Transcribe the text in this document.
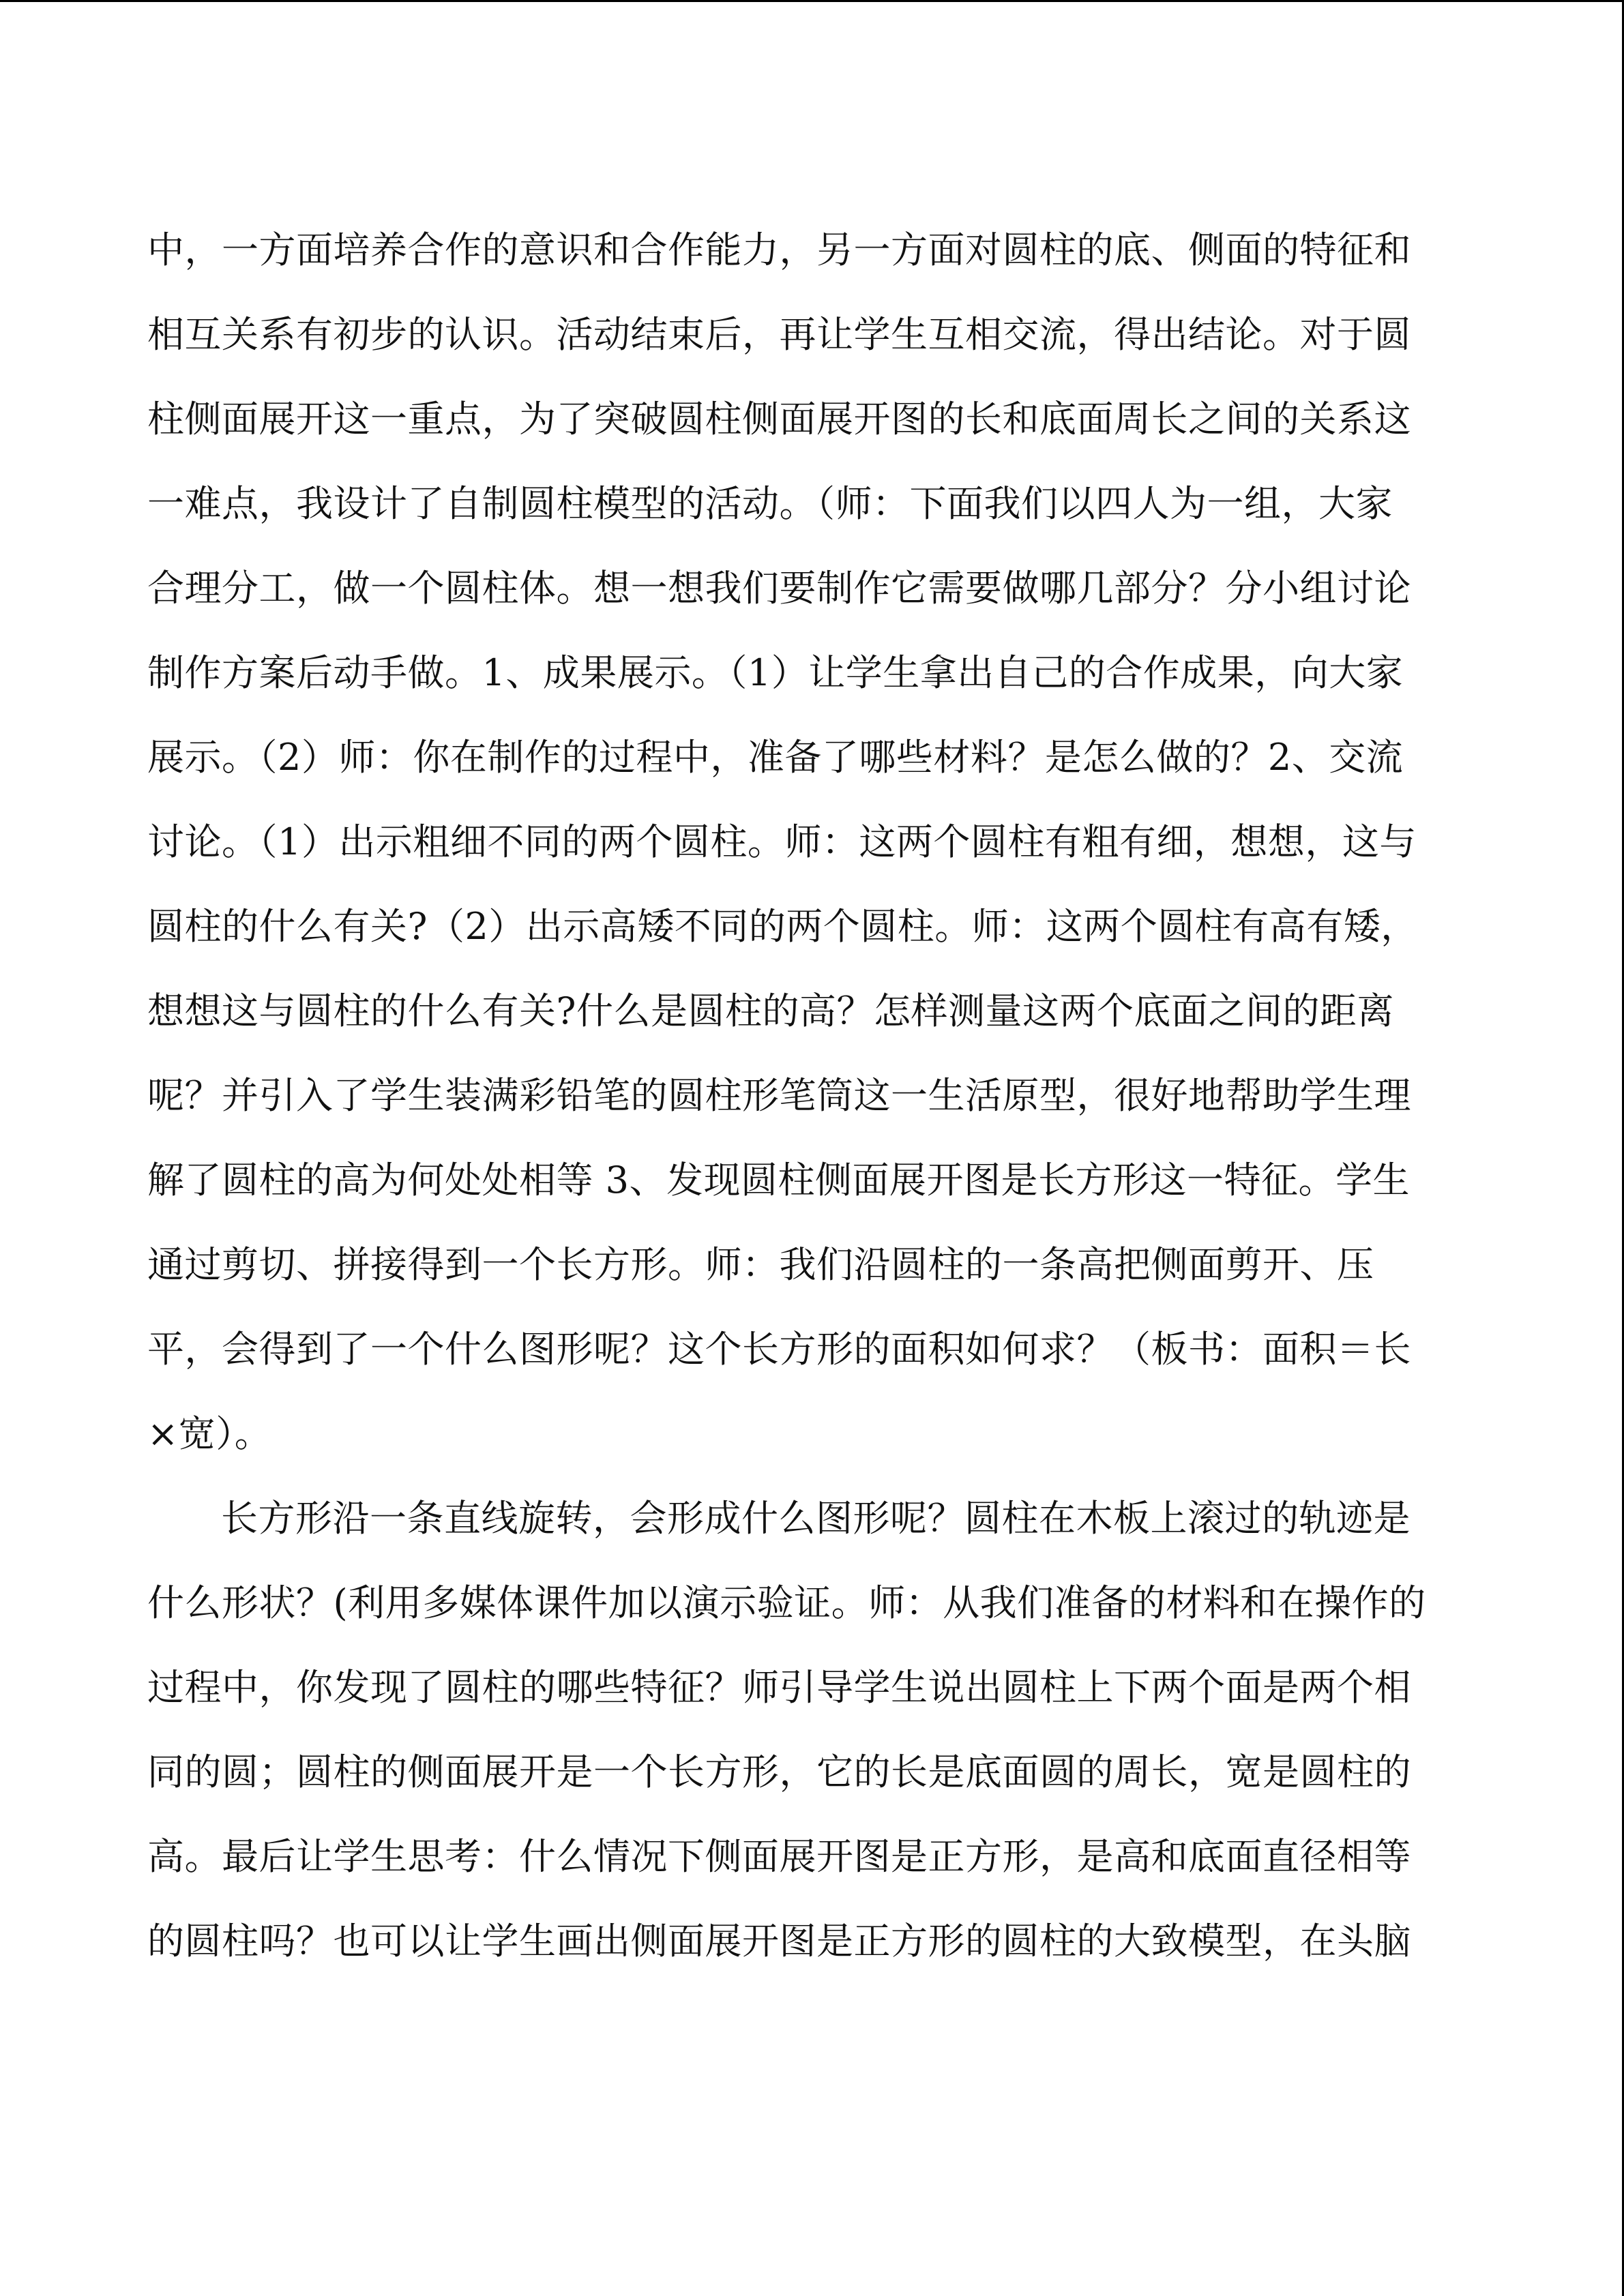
中，一方面培养合作的意识和合作能力，另一方面对圆柱的底、侧面的特征和
相互关系有初步的认识。活动结束后，再让学生互相交流，得出结论。对于圆
柱侧面展开这一重点，为了突破圆柱侧面展开图的长和底面周长之间的关系这
一难点，我设计了自制圆柱模型的活动。（师：下面我们以四人为一组，大家
合理分工，做一个圆柱体。想一想我们要制作它需要做哪几部分？分小组讨论
制作方案后动手做。1、成果展示。（1）让学生拿出自己的合作成果，向大家
展示。（2）师：你在制作的过程中，准备了哪些材料？是怎么做的？2、交流
讨论。（1）出示粗细不同的两个圆柱。师：这两个圆柱有粗有细，想想，这与
圆柱的什么有关?（2）出示高矮不同的两个圆柱。师：这两个圆柱有高有矮，
想想这与圆柱的什么有关?什么是圆柱的高？怎样测量这两个底面之间的距离
呢？并引入了学生装满彩铅笔的圆柱形笔筒这一生活原型，很好地帮助学生理
解了圆柱的高为何处处相等 3、发现圆柱侧面展开图是长方形这一特征。学生
通过剪切、拼接得到一个长方形。师：我们沿圆柱的一条高把侧面剪开、压
平，会得到了一个什么图形呢？这个长方形的面积如何求？（板书：面积＝长
×宽）。
长方形沿一条直线旋转，会形成什么图形呢？圆柱在木板上滚过的轨迹是
什么形状？(利用多媒体课件加以演示验证。师：从我们准备的材料和在操作的
过程中，你发现了圆柱的哪些特征？师引导学生说出圆柱上下两个面是两个相
同的圆；圆柱的侧面展开是一个长方形，它的长是底面圆的周长，宽是圆柱的
高。最后让学生思考：什么情况下侧面展开图是正方形，是高和底面直径相等
的圆柱吗？也可以让学生画出侧面展开图是正方形的圆柱的大致模型，在头脑
